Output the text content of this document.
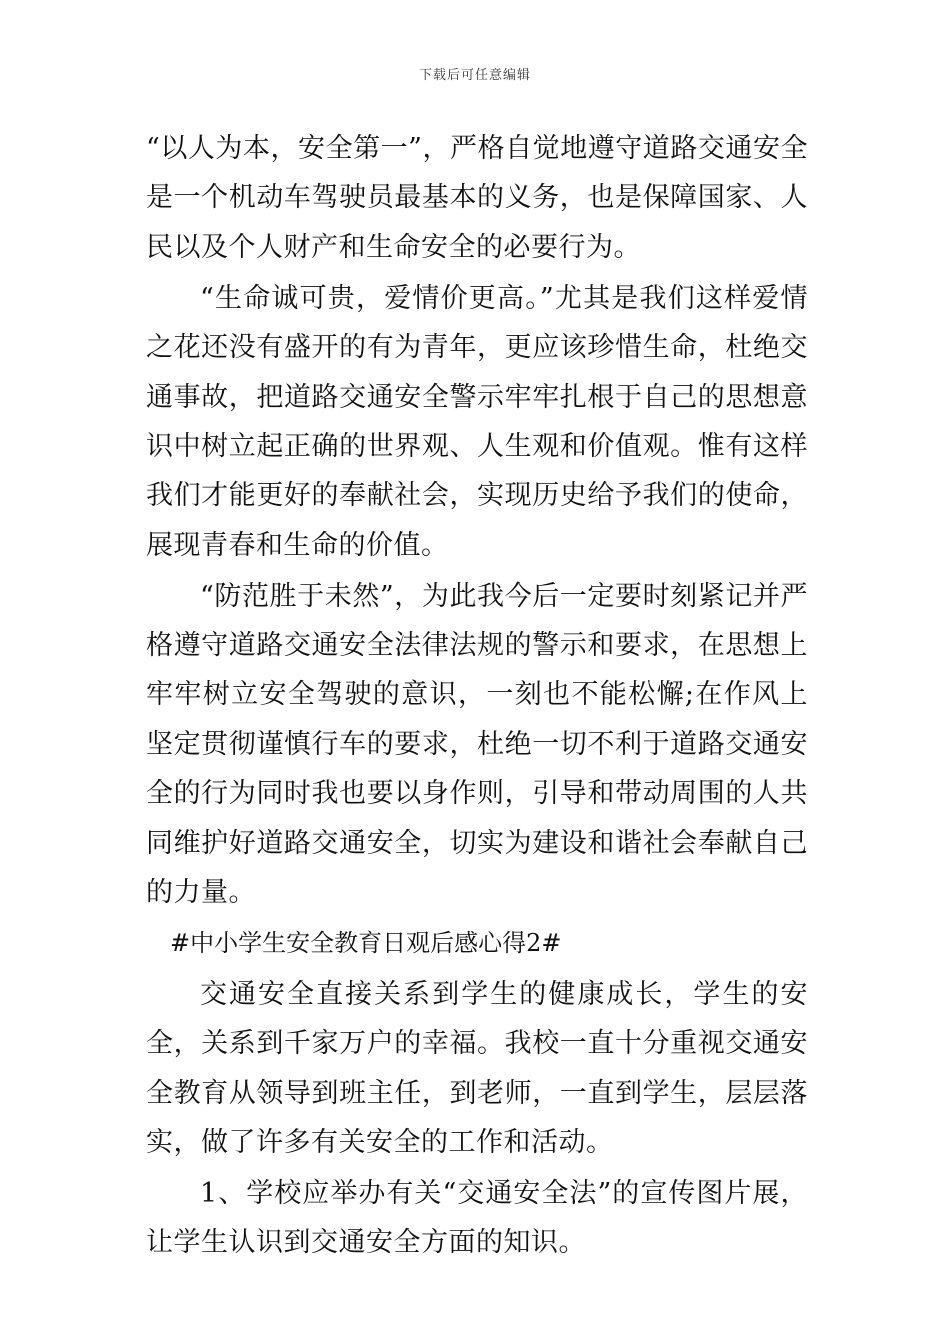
下载后可任意编辑

“以人为本，安全第一”，严格自觉地遵守道路交通安全是一个机动车驾驶员最基本的义务，也是保障国家、人民以及个人财产和生命安全的必要行为。

“生命诚可贵，爱情价更高。”尤其是我们这样爱情之花还没有盛开的有为青年，更应该珍惜生命，杜绝交通事故，把道路交通安全警示牢牢扎根于自己的思想意识中树立起正确的世界观、人生观和价值观。惟有这样我们才能更好的奉献社会，实现历史给予我们的使命，展现青春和生命的价值。

“防范胜于未然”，为此我今后一定要时刻紧记并严格遵守道路交通安全法律法规的警示和要求，在思想上牢牢树立安全驾驶的意识，一刻也不能松懈;在作风上坚定贯彻谨慎行车的要求，杜绝一切不利于道路交通安全的行为同时我也要以身作则，引导和带动周围的人共同维护好道路交通安全，切实为建设和谐社会奉献自己的力量。

#中小学生安全教育日观后感心得2#

交通安全直接关系到学生的健康成长，学生的安全，关系到千家万户的幸福。我校一直十分重视交通安全教育从领导到班主任，到老师，一直到学生，层层落实，做了许多有关安全的工作和活动。

1、学校应举办有关“交通安全法”的宣传图片展，让学生认识到交通安全方面的知识。
